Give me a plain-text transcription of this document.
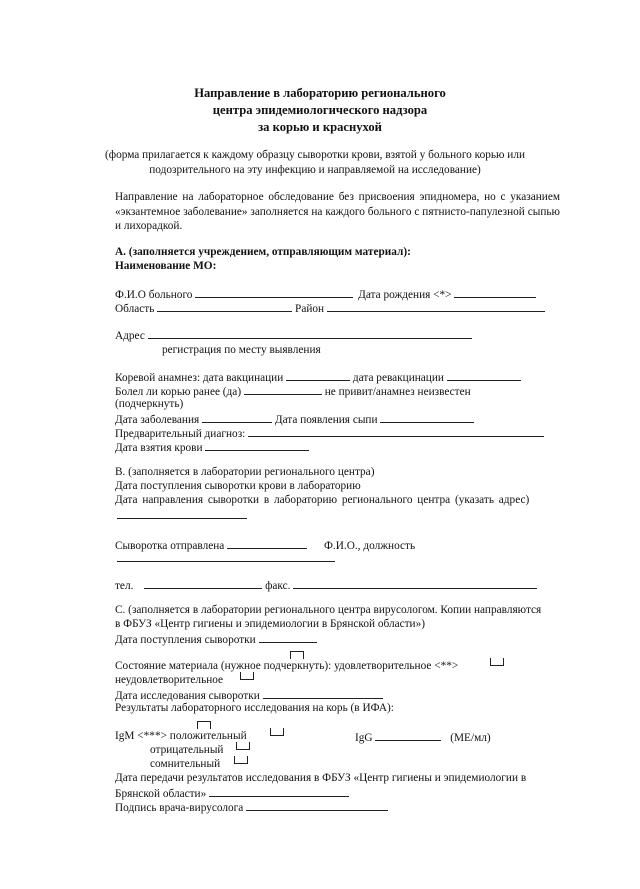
Направление в лабораторию регионального
центра эпидемиологического надзора
за корью и краснухой
(форма прилагается к каждому образцу сыворотки крови, взятой у больного корью или
подозрительного на эту инфекцию и направляемой на исследование)
Направление на лабораторное обследование без присвоения эпидномера, но с указанием «экзантемное заболевание» заполняется на каждого больного с пятнисто-папулезной сыпью и лихорадкой.
А. (заполняется учреждением, отправляющим материал):
Наименование МО:
Ф.И.О больного	Дата рождения <*>
Область	Район
Адрес
регистрация по месту выявления
Коревой анамнез: дата вакцинации	дата ревакцинации
Болел ли корью ранее (да)	не привит/анамнез неизвестен
(подчеркнуть)
Дата заболевания	Дата появления сыпи
Предварительный диагноз:
Дата взятия крови
В. (заполняется в лаборатории регионального центра)
Дата поступления сыворотки крови в лабораторию
Дата направления сыворотки в лабораторию регионального центра (указать адрес)
Сыворотка отправлена	Ф.И.О., должность
тел.	факс.
С. (заполняется в лаборатории регионального центра вирусологом. Копии направляются
в ФБУЗ «Центр гигиены и эпидемиологии в Брянской области»)
Дата поступления сыворотки
Состояние материала (нужное подчеркнуть): удовлетворительное <**>
неудовлетворительное
Дата исследования сыворотки
Результаты лабораторного исследования на корь (в ИФА):
IgM <***> положительный	IgG	(МЕ/мл)
отрицательный
сомнительный
Дата передачи результатов исследования в ФБУЗ «Центр гигиены и эпидемиологии в
Брянской области»
Подпись врача-вирусолога
